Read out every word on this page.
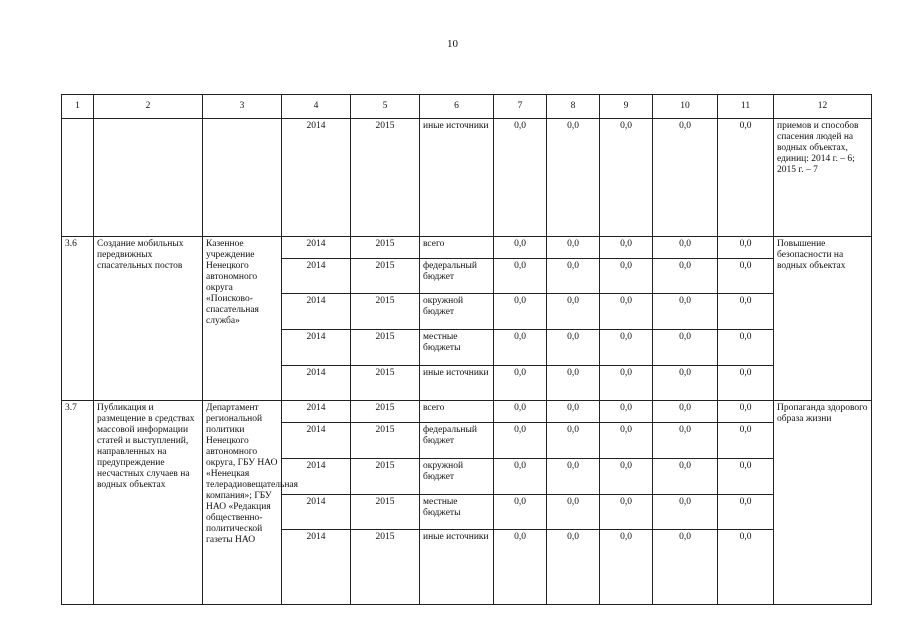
10
1	2	3	4	5	6	7	8	9	10	11	12
			2014	2015	иные источники	0,0	0,0	0,0	0,0	0,0	приемов и способов спасения людей на водных объектах, единиц: 2014 г. – 6; 2015 г. – 7
3.6	Создание мобильных передвижных спасательных постов	Казенное учреждение Ненецкого автономного округа «Поисково-спасательная служба»	2014	2015	всего	0,0	0,0	0,0	0,0	0,0	Повышение безопасности на водных объектах
			2014	2015	федеральный бюджет	0,0	0,0	0,0	0,0	0,0	
			2014	2015	окружной бюджет	0,0	0,0	0,0	0,0	0,0	
			2014	2015	местные бюджеты	0,0	0,0	0,0	0,0	0,0	
			2014	2015	иные источники	0,0	0,0	0,0	0,0	0,0	
3.7	Публикация и размещение в средствах массовой информации статей и выступлений, направленных на предупреждение несчастных случаев на водных объектах	Департамент региональной политики Ненецкого автономного округа, ГБУ НАО «Ненецкая телерадиовещательная компания»; ГБУ НАО «Редакция общественно-политической газеты НАО	2014	2015	всего	0,0	0,0	0,0	0,0	0,0	Пропаганда здорового образа жизни
			2014	2015	федеральный бюджет	0,0	0,0	0,0	0,0	0,0	
			2014	2015	окружной бюджет	0,0	0,0	0,0	0,0	0,0	
			2014	2015	местные бюджеты	0,0	0,0	0,0	0,0	0,0	
			2014	2015	иные источники	0,0	0,0	0,0	0,0	0,0	
